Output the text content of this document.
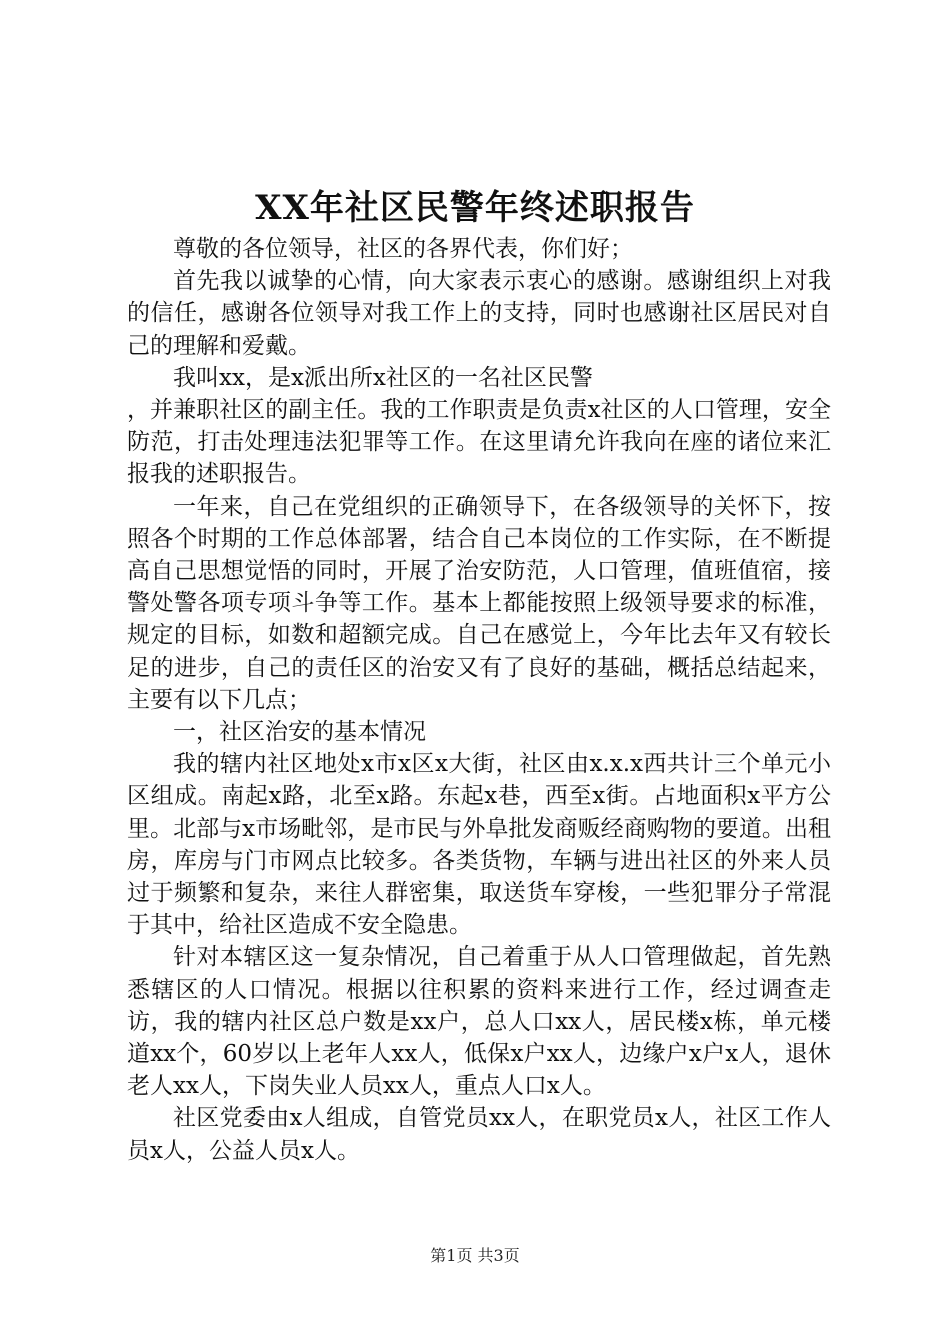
XX年社区民警年终述职报告

尊敬的各位领导，社区的各界代表，你们好；

首先我以诚挚的心情，向大家表示衷心的感谢。感谢组织上对我的信任，感谢各位领导对我工作上的支持，同时也感谢社区居民对自己的理解和爱戴。

我叫xx，是x派出所x社区的一名社区民警

，并兼职社区的副主任。我的工作职责是负责x社区的人口管理，安全防范，打击处理违法犯罪等工作。在这里请允许我向在座的诸位来汇报我的述职报告。

一年来，自己在党组织的正确领导下，在各级领导的关怀下，按照各个时期的工作总体部署，结合自己本岗位的工作实际，在不断提高自己思想觉悟的同时，开展了治安防范，人口管理，值班值宿，接警处警各项专项斗争等工作。基本上都能按照上级领导要求的标准，规定的目标，如数和超额完成。自己在感觉上，今年比去年又有较长足的进步，自己的责任区的治安又有了良好的基础，概括总结起来，主要有以下几点；

一，社区治安的基本情况

我的辖内社区地处x市x区x大街，社区由x.x.x西共计三个单元小区组成。南起x路，北至x路。东起x巷，西至x街。占地面积x平方公里。北部与x市场毗邻，是市民与外阜批发商贩经商购物的要道。出租房，库房与门市网点比较多。各类货物，车辆与进出社区的外来人员过于频繁和复杂，来往人群密集，取送货车穿梭，一些犯罪分子常混于其中，给社区造成不安全隐患。

针对本辖区这一复杂情况，自己着重于从人口管理做起，首先熟悉辖区的人口情况。根据以往积累的资料来进行工作，经过调查走访，我的辖内社区总户数是xx户，总人口xx人，居民楼x栋，单元楼道xx个，60岁以上老年人xx人，低保x户xx人，边缘户x户x人，退休老人xx人，下岗失业人员xx人，重点人口x人。

社区党委由x人组成，自管党员xx人，在职党员x人，社区工作人员x人，公益人员x人。

第1页 共3页
